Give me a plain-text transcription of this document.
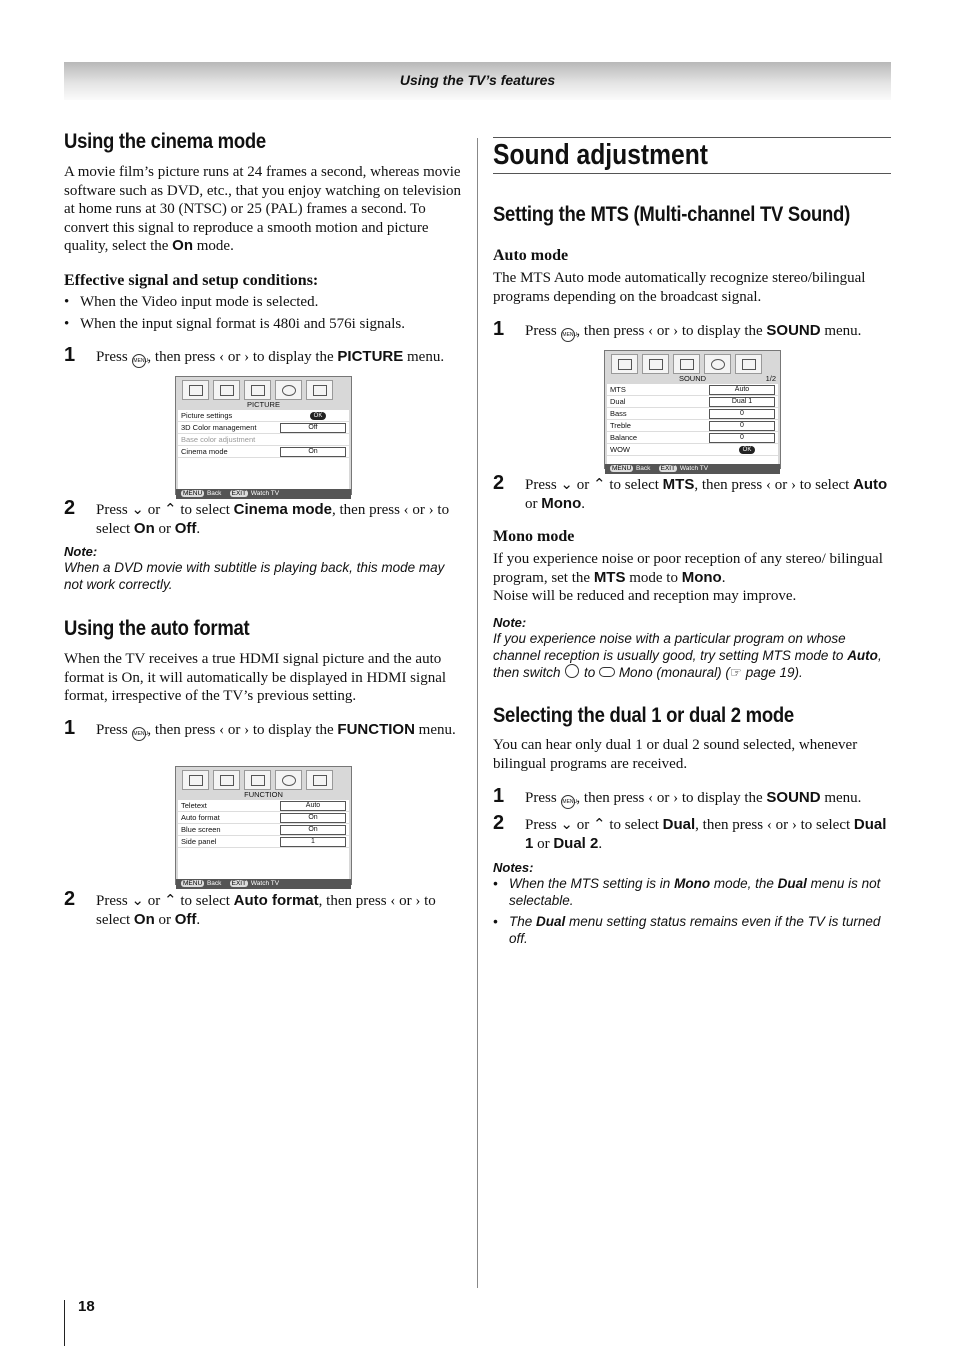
Using the TV’s features
Using the cinema mode

A movie film’s picture runs at 24 frames a second, whereas movie software such as DVD, etc., that you enjoy watching on television at home runs at 30 (NTSC) or 25 (PAL) frames a second. To convert this signal to reproduce a smooth motion and picture quality, select the On mode.

Effective signal and setup conditions:
• When the Video input mode is selected.
• When the input signal format is 480i and 576i signals.
1 Press MENU, then press ‹ or › to display the PICTURE menu.
PICTURE
Picture settings	OK
3D Color management	Off
Base color adjustment
Cinema mode	On
MENU Back EXIT Watch TV
2 Press ⌄ or ⌃ to select Cinema mode, then press ‹ or › to select On or Off.
Note:
When a DVD movie with subtitle is playing back, this mode may not work correctly.
Using the auto format

When the TV receives a true HDMI signal picture and the auto format is On, it will automatically be displayed in HDMI signal format, irrespective of the TV’s previous setting.

1 Press MENU, then press ‹ or › to display the FUNCTION menu.
FUNCTION
Teletext	Auto
Auto format	On
Blue screen	On
Side panel	1
MENU Back EXIT Watch TV
2 Press ⌄ or ⌃ to select Auto format, then press ‹ or › to select On or Off.
Sound adjustment
Setting the MTS (Multi-channel TV Sound)
Auto mode

The MTS Auto mode automatically recognize stereo/bilingual programs depending on the broadcast signal.

1 Press MENU, then press ‹ or › to display the SOUND menu.
SOUND	1/2
MTS	Auto
Dual	Dual 1
Bass	0
Treble	0
Balance	0
WOW	OK
MENU Back EXIT Watch TV
2 Press ⌄ or ⌃ to select MTS, then press ‹ or › to select Auto or Mono.
Mono mode

If you experience noise or poor reception of any stereo/ bilingual program, set the MTS mode to Mono.
Noise will be reduced and reception may improve.

Note:
If you experience noise with a particular program on whose channel reception is usually good, try setting MTS mode to Auto, then switch  to  Mono (monaural) (☞ page 19).
Selecting the dual 1 or dual 2 mode

You can hear only dual 1 or dual 2 sound selected, whenever bilingual programs are received.

1 Press MENU, then press ‹ or › to display the SOUND menu.
2 Press ⌄ or ⌃ to select Dual, then press ‹ or › to select Dual 1 or Dual 2.
Notes:
• When the MTS setting is in Mono mode, the Dual menu is not selectable.
• The Dual menu setting status remains even if the TV is turned off.
18
